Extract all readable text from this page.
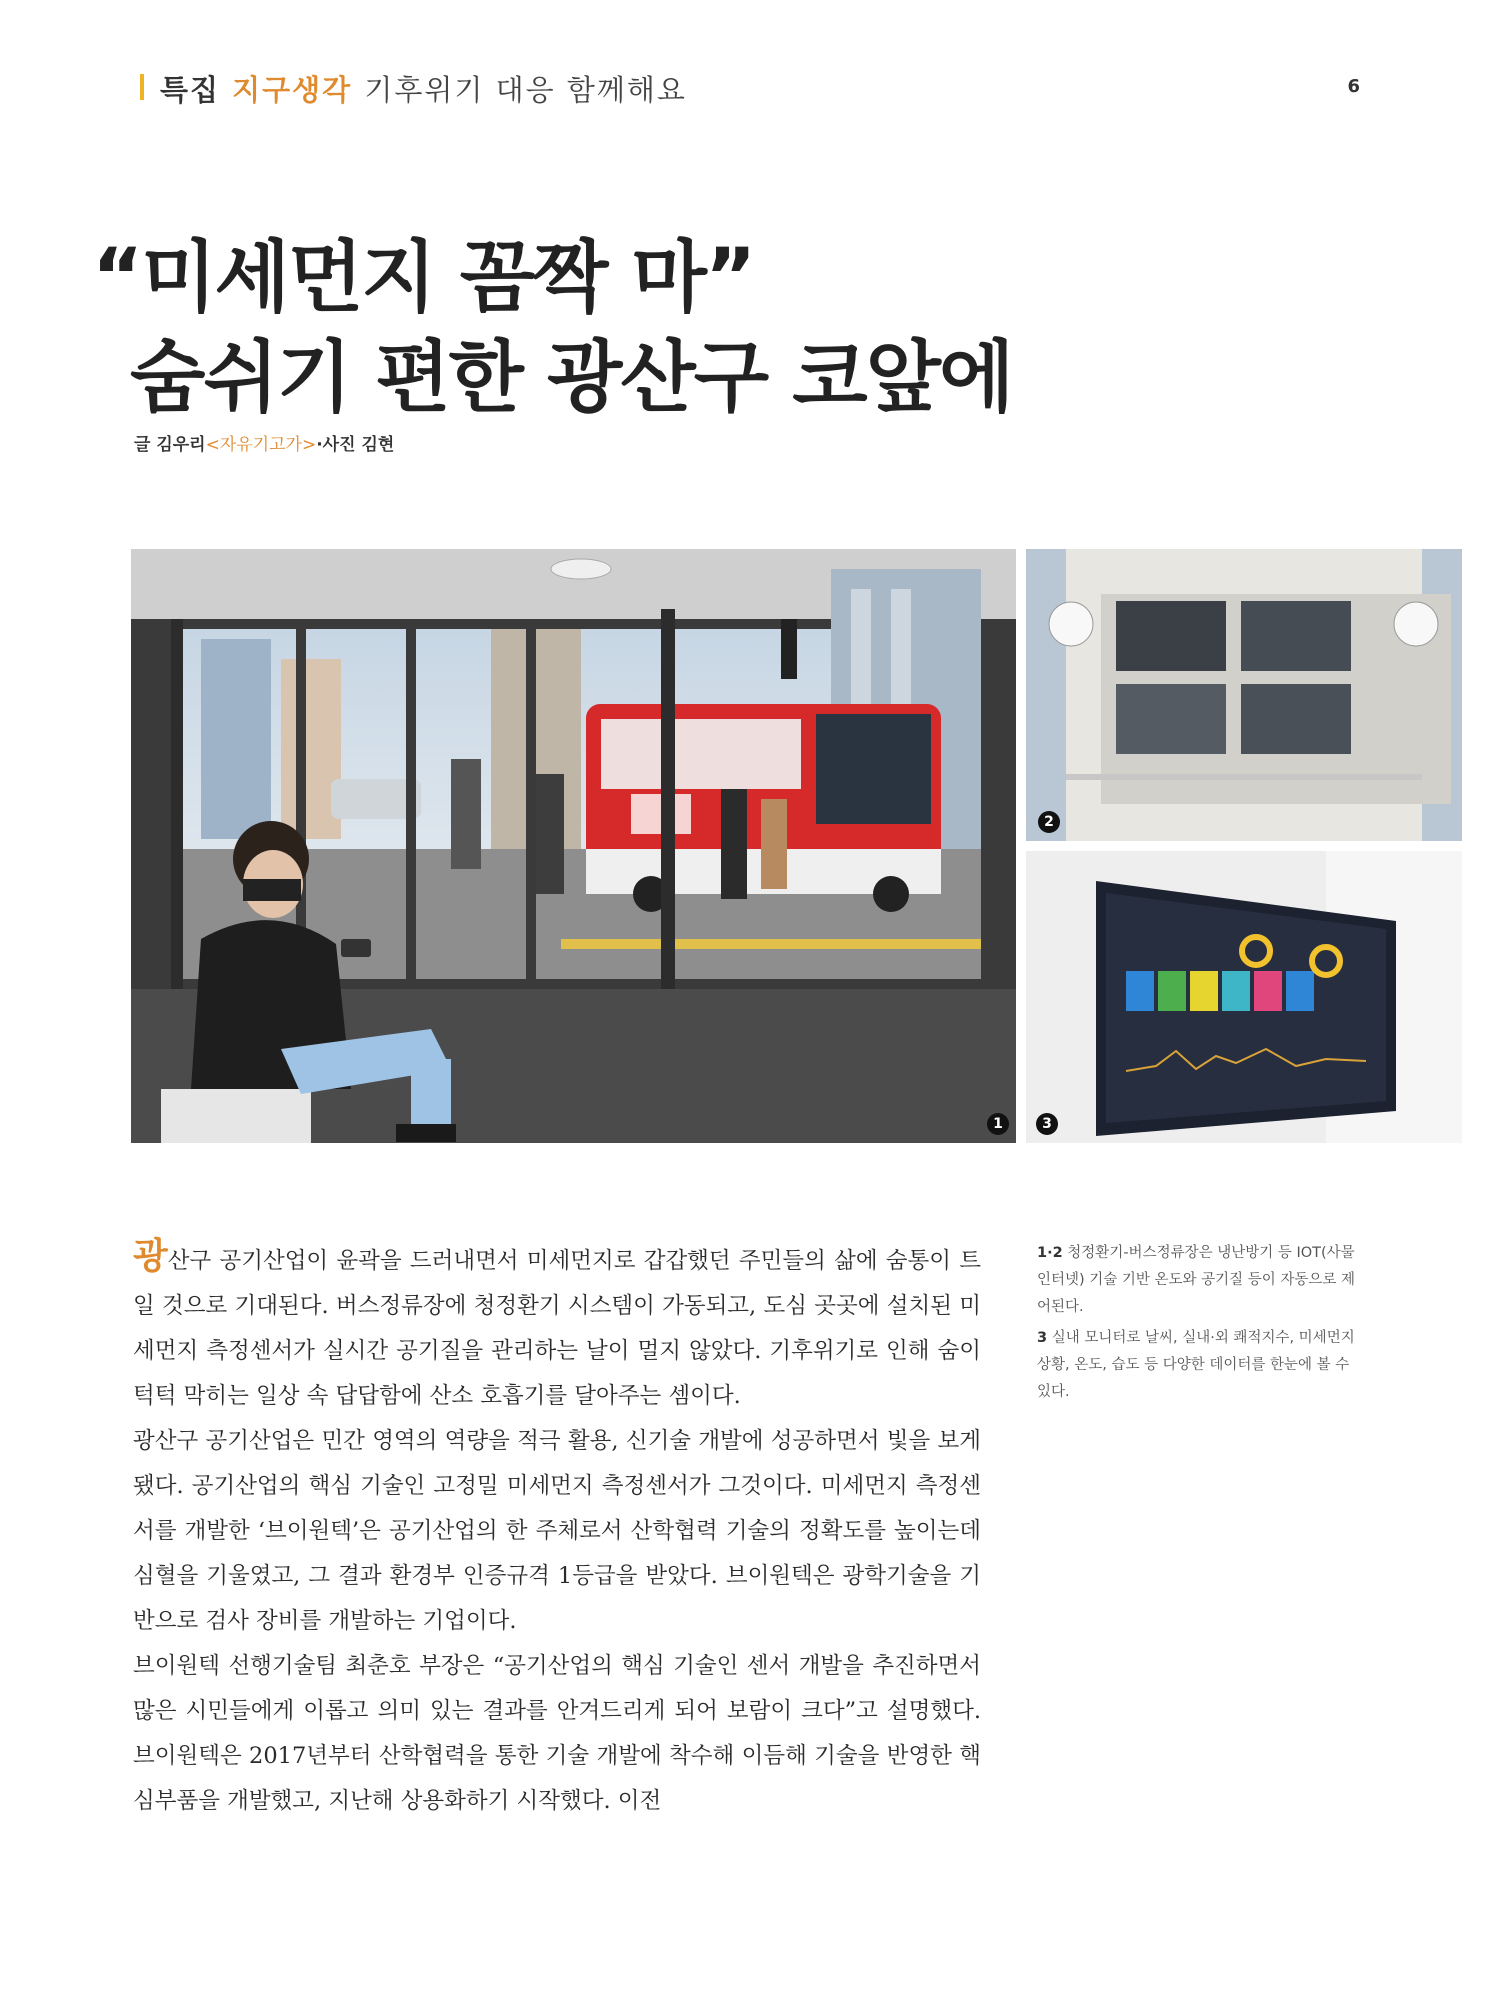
특집 지구생각 기후위기 대응 함께해요	6
“미세먼지 꼼짝 마”
숨쉬기 편한 광산구 코앞에
글 김우리<자유기고가>·사진 김현
1
2
3

광산구 공기산업이 윤곽을 드러내면서 미세먼지로 갑갑했던 주민들의 삶에 숨통이 트일 것으로 기대된다. 버스정류장에 청정환기 시스템이 가동되고, 도심 곳곳에 설치된 미세먼지 측정센서가 실시간 공기질을 관리하는 날이 멀지 않았다. 기후위기로 인해 숨이 턱턱 막히는 일상 속 답답함에 산소 호흡기를 달아주는 셈이다.

광산구 공기산업은 민간 영역의 역량을 적극 활용, 신기술 개발에 성공하면서 빛을 보게 됐다. 공기산업의 핵심 기술인 고정밀 미세먼지 측정센서가 그것이다. 미세먼지 측정센서를 개발한 ‘브이원텍’은 공기산업의 한 주체로서 산학협력 기술의 정확도를 높이는데 심혈을 기울였고, 그 결과 환경부 인증규격 1등급을 받았다. 브이원텍은 광학기술을 기반으로 검사 장비를 개발하는 기업이다.

브이원텍 선행기술팀 최춘호 부장은 “공기산업의 핵심 기술인 센서 개발을 추진하면서 많은 시민들에게 이롭고 의미 있는 결과를 안겨드리게 되어 보람이 크다”고 설명했다. 브이원텍은 2017년부터 산학협력을 통한 기술 개발에 착수해 이듬해 기술을 반영한 핵심부품을 개발했고, 지난해 상용화하기 시작했다. 이전

1·2 청정환기-버스정류장은 냉난방기 등 IOT(사물인터넷) 기술 기반 온도와 공기질 등이 자동으로 제어된다.

3 실내 모니터로 날씨, 실내·외 쾌적지수, 미세먼지 상황, 온도, 습도 등 다양한 데이터를 한눈에 볼 수 있다.
